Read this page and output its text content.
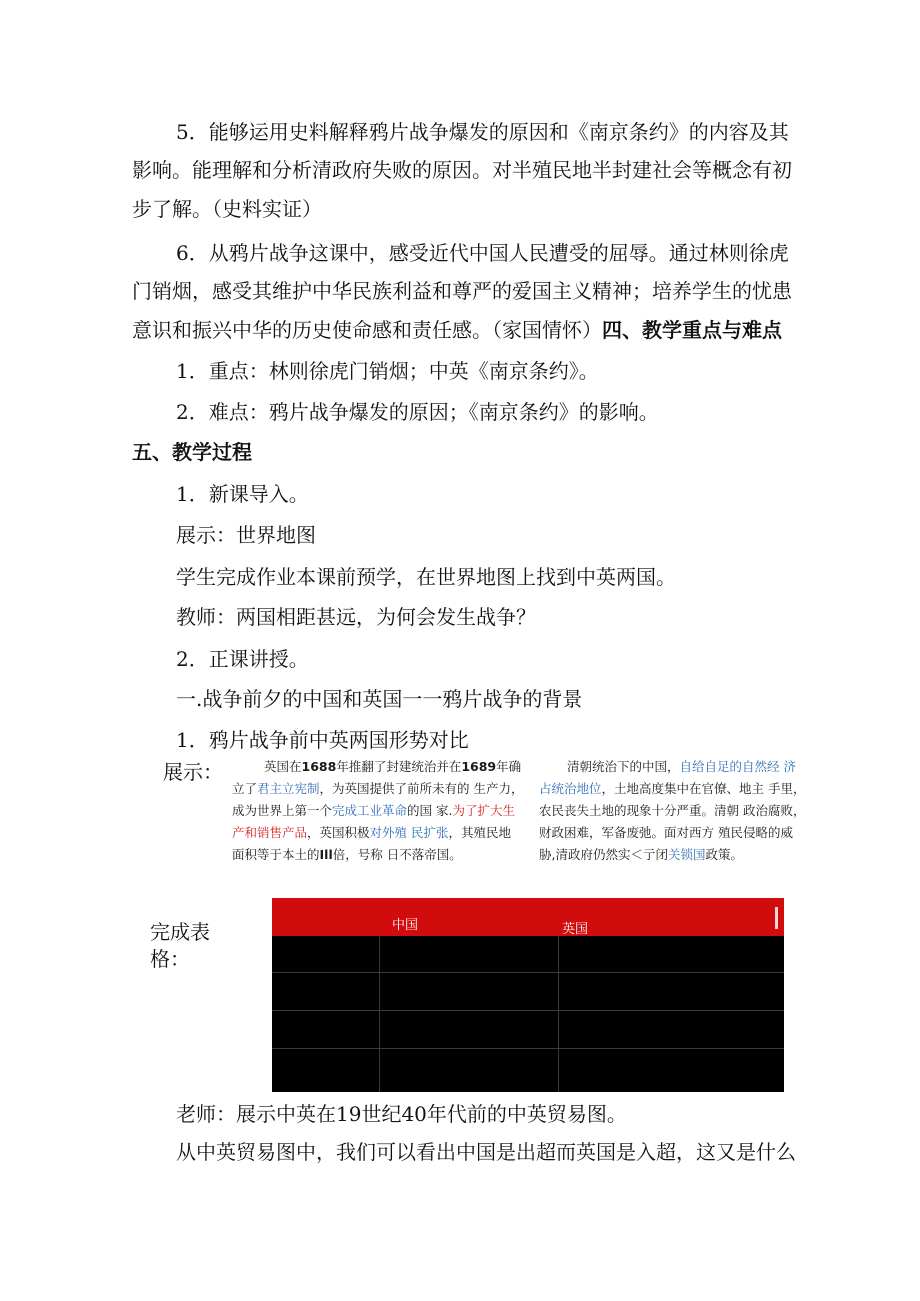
5．能够运用史料解释鸦片战争爆发的原因和《南京条约》的内容及其
影响。能理解和分析清政府失败的原因。对半殖民地半封建社会等概念有初
步了解。（史料实证）
6．从鸦片战争这课中，感受近代中国人民遭受的屈辱。通过林则徐虎
门销烟，感受其维护中华民族利益和尊严的爱国主义精神；培养学生的忧患
意识和振兴中华的历史使命感和责任感。（家国情怀）四、教学重点与难点
1．重点：林则徐虎门销烟；中英《南京条约》。
2．难点：鸦片战争爆发的原因；《南京条约》的影响。
五、教学过程
1．新课导入。
展示：世界地图
学生完成作业本课前预学，在世界地图上找到中英两国。
教师：两国相距甚远，为何会发生战争？
2．正课讲授。
一.战争前夕的中国和英国一一鸦片战争的背景
1．鸦片战争前中英两国形势对比
展示：	英国在1688年推翻了封建统治并在1689年确
立了君主立宪制，为英国提供了前所未有的 生产力，
成为世界上第一个完成工业革命的国 家.为了扩大生
产和销售产品，英国积极对外殖 民扩张，其殖民地
面积等于本土的Ill倍，号称 日不落帝国。
清朝统治下的中国，自给自足的自然经 济
占统治地位，土地高度集中在官僚、地主 手里，
农民丧失土地的现象十分严重。清朝 政治腐败，
财政困难，军备废弛。面对西方 殖民侵略的威
胁,清政府仍然实＜亍闭关锁国政策。
完成表
格：
中国	英国
老师：展示中英在19世纪40年代前的中英贸易图。
从中英贸易图中，我们可以看出中国是出超而英国是入超，这又是什么
